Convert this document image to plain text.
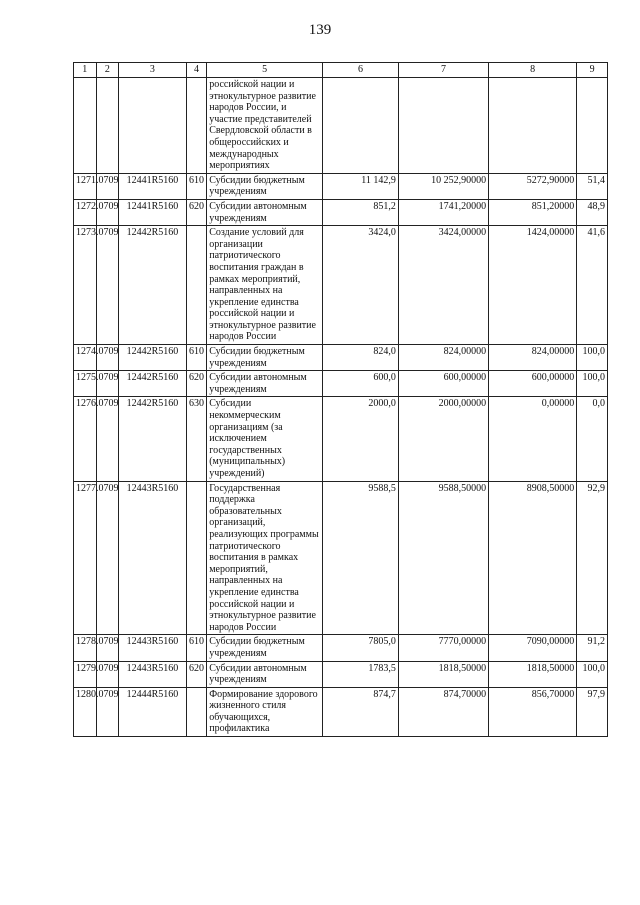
139
1	2	3	4	5	6	7	8	9
				российской нации и этнокультурное развитие народов России, и участие представителей Свердловской области в общероссийских и международных мероприятиях				
1271.	0709	12441R5160	610	Субсидии бюджетным учреждениям	11 142,9	10 252,90000	5272,90000	51,4
1272.	0709	12441R5160	620	Субсидии автономным учреждениям	851,2	1741,20000	851,20000	48,9
1273.	0709	12442R5160		Создание условий для организации патриотического воспитания граждан в рамках мероприятий, направленных на укрепление единства российской нации и этнокультурное развитие народов России	3424,0	3424,00000	1424,00000	41,6
1274.	0709	12442R5160	610	Субсидии бюджетным учреждениям	824,0	824,00000	824,00000	100,0
1275.	0709	12442R5160	620	Субсидии автономным учреждениям	600,0	600,00000	600,00000	100,0
1276.	0709	12442R5160	630	Субсидии некоммерческим организациям (за исключением государственных (муниципальных) учреждений)	2000,0	2000,00000	0,00000	0,0
1277.	0709	12443R5160		Государственная поддержка образовательных организаций, реализующих программы патриотического воспитания в рамках мероприятий, направленных на укрепление единства российской нации и этнокультурное развитие народов России	9588,5	9588,50000	8908,50000	92,9
1278.	0709	12443R5160	610	Субсидии бюджетным учреждениям	7805,0	7770,00000	7090,00000	91,2
1279.	0709	12443R5160	620	Субсидии автономным учреждениям	1783,5	1818,50000	1818,50000	100,0
1280.	0709	12444R5160		Формирование здорового жизненного стиля обучающихся, профилактика	874,7	874,70000	856,70000	97,9
